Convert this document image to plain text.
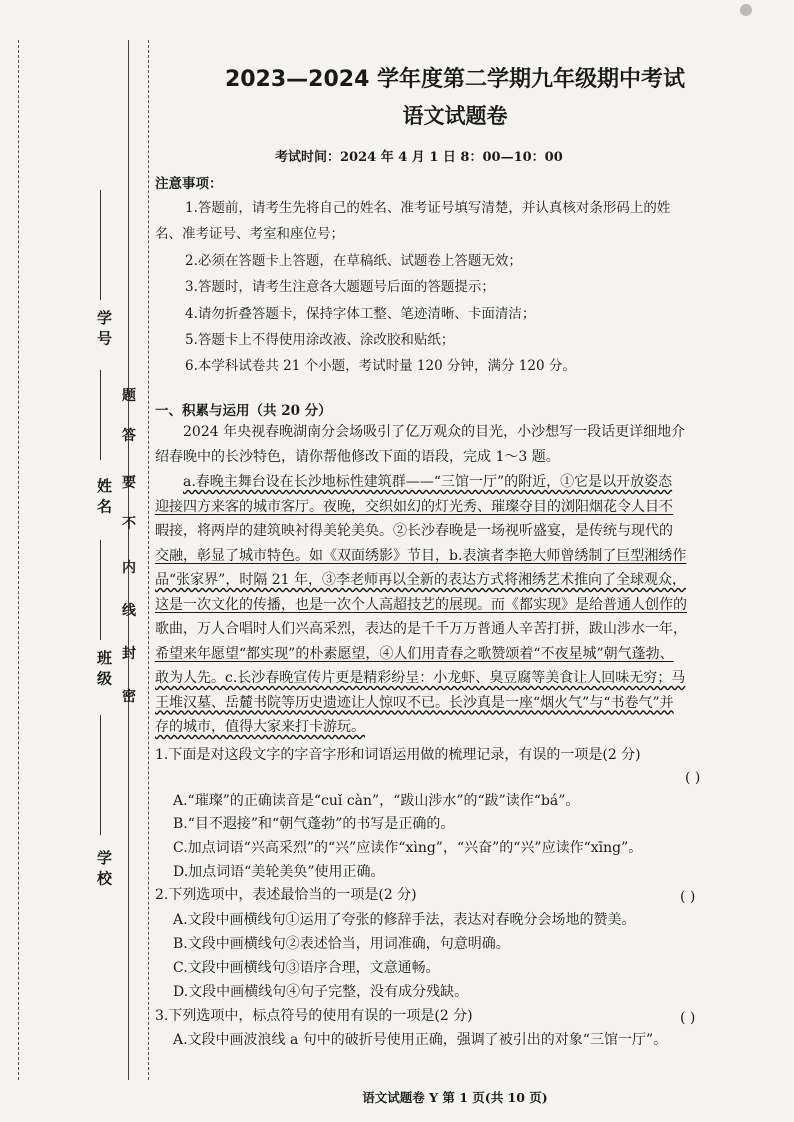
学 号
姓 名
班 级
学 校
题
答
要
不
内
线
封
密
2023—2024 学年度第二学期九年级期中考试
语文试题卷
考试时间：2024 年 4 月 1 日 8：00—10：00
注意事项：
1.答题前，请考生先将自己的姓名、准考证号填写清楚，并认真核对条形码上的姓
名、准考证号、考室和座位号；
2.必须在答题卡上答题，在草稿纸、试题卷上答题无效；
3.答题时，请考生注意各大题题号后面的答题提示；
4.请勿折叠答题卡，保持字体工整、笔迹清晰、卡面清洁；
5.答题卡上不得使用涂改液、涂改胶和贴纸；
6.本学科试卷共 21 个小题，考试时量 120 分钟，满分 120 分。
一、积累与运用（共 20 分）

2024 年央视春晚湖南分会场吸引了亿万观众的目光，小沙想写一段话更详细地介

绍春晚中的长沙特色，请你帮他修改下面的语段，完成 1～3 题。

a.春晚主舞台设在长沙地标性建筑群——“三馆一厅”的附近，①它是以开放姿态

迎接四方来客的城市客厅。夜晚，交织如幻的灯光秀、璀璨夺目的浏阳烟花令人目不

暇接，将两岸的建筑映衬得美轮美奂。②长沙春晚是一场视听盛宴，是传统与现代的

交融，彰显了城市特色。如《双面绣影》节目，b.表演者李艳大师曾绣制了巨型湘绣作

品“张家界”，时隔 21 年，③李老师再以全新的表达方式将湘绣艺术推向了全球观众，

这是一次文化的传播，也是一次个人高超技艺的展现。而《都实现》是给普通人创作的

歌曲，万人合唱时人们兴高采烈，表达的是千千万万普通人辛苦打拼，跋山涉水一年，

希望来年愿望“都实现”的朴素愿望，④人们用青春之歌赞颂着“不夜星城”朝气蓬勃、

敢为人先。c.长沙春晚宣传片更是精彩纷呈：小龙虾、臭豆腐等美食让人回味无穷；马

王堆汉墓、岳麓书院等历史遗迹让人惊叹不已。长沙真是一座“烟火气”与“书卷气”并

存的城市，值得大家来打卡游玩。

1.下面是对这段文字的字音字形和词语运用做的梳理记录，有误的一项是(2 分)
( )
A.“璀璨”的正确读音是“cuǐ càn”，“跋山涉水”的“跋”读作“bá”。
B.“目不遐接”和“朝气蓬勃”的书写是正确的。
C.加点词语“兴高采烈”的“兴”应读作“xìng”，“兴奋”的“兴”应读作“xīng”。
D.加点词语“美轮美奂”使用正确。
2.下列选项中，表述最恰当的一项是(2 分)	( )
A.文段中画横线句①运用了夸张的修辞手法，表达对春晚分会场地的赞美。
B.文段中画横线句②表述恰当，用词准确，句意明确。
C.文段中画横线句③语序合理，文意通畅。
D.文段中画横线句④句子完整，没有成分残缺。
3.下列选项中，标点符号的使用有误的一项是(2 分)	( )
A.文段中画波浪线 a 句中的破折号使用正确，强调了被引出的对象“三馆一厅”。
语文试题卷 Y 第 1 页(共 10 页)
